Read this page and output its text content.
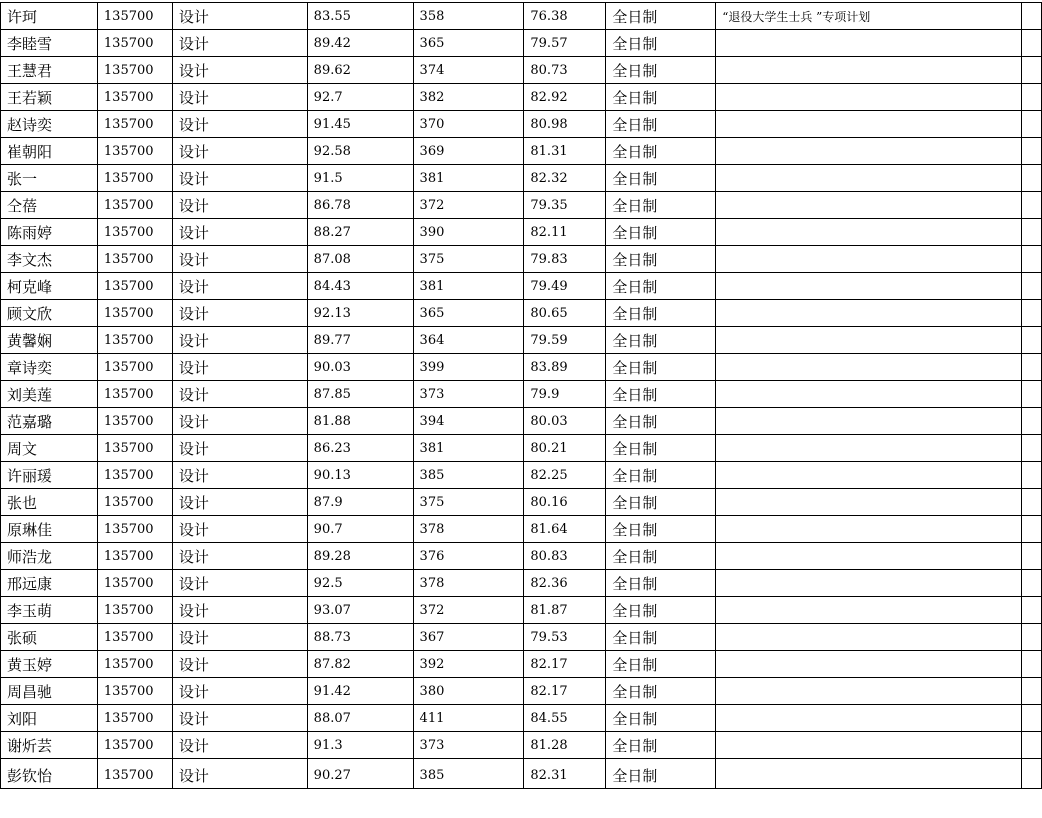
许珂	135700	设计	83.55	358	76.38	全日制	“退役大学生士兵 ”专项计划	
李睦雪	135700	设计	89.42	365	79.57	全日制		
王慧君	135700	设计	89.62	374	80.73	全日制		
王若颖	135700	设计	92.7	382	82.92	全日制		
赵诗奕	135700	设计	91.45	370	80.98	全日制		
崔朝阳	135700	设计	92.58	369	81.31	全日制		
张一	135700	设计	91.5	381	82.32	全日制		
仝蓓	135700	设计	86.78	372	79.35	全日制		
陈雨婷	135700	设计	88.27	390	82.11	全日制		
李文杰	135700	设计	87.08	375	79.83	全日制		
柯克峰	135700	设计	84.43	381	79.49	全日制		
顾文欣	135700	设计	92.13	365	80.65	全日制		
黄馨娴	135700	设计	89.77	364	79.59	全日制		
章诗奕	135700	设计	90.03	399	83.89	全日制		
刘美莲	135700	设计	87.85	373	79.9	全日制		
范嘉璐	135700	设计	81.88	394	80.03	全日制		
周文	135700	设计	86.23	381	80.21	全日制		
许丽瑗	135700	设计	90.13	385	82.25	全日制		
张也	135700	设计	87.9	375	80.16	全日制		
原琳佳	135700	设计	90.7	378	81.64	全日制		
师浩龙	135700	设计	89.28	376	80.83	全日制		
邢远康	135700	设计	92.5	378	82.36	全日制		
李玉萌	135700	设计	93.07	372	81.87	全日制		
张硕	135700	设计	88.73	367	79.53	全日制		
黄玉婷	135700	设计	87.82	392	82.17	全日制		
周昌驰	135700	设计	91.42	380	82.17	全日制		
刘阳	135700	设计	88.07	411	84.55	全日制		
谢炘芸	135700	设计	91.3	373	81.28	全日制		
彭钦怡	135700	设计	90.27	385	82.31	全日制		
